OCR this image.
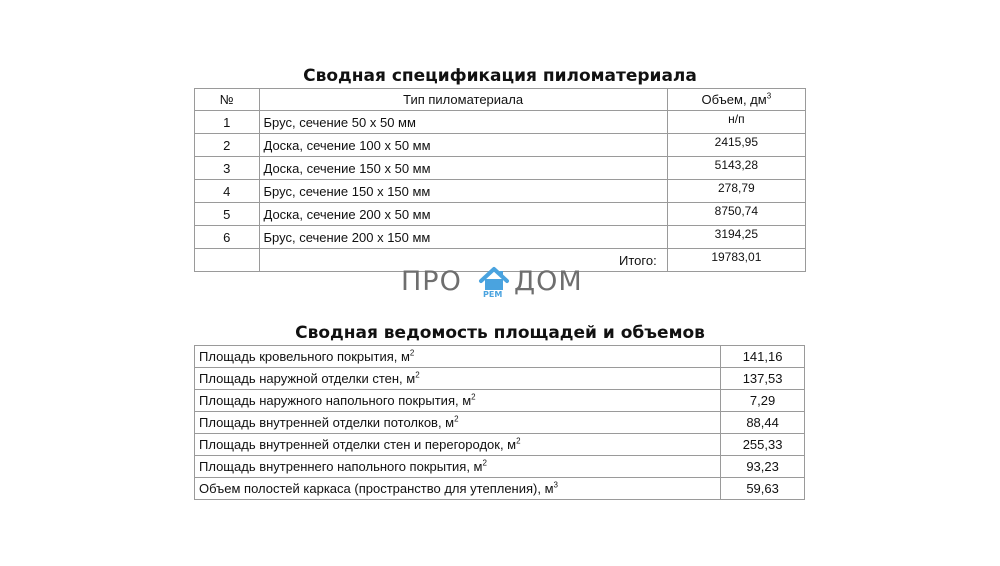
Сводная спецификация пиломатериала
№	Тип пиломатериала	Объем, $дм^3$
1	Брус, сечение 50 х 50 мм	н/п
2	Доска, сечение 100 х 50 мм	2415,95
3	Доска, сечение 150 х 50 мм	5143,28
4	Брус, сечение 150 х 150 мм	278,79
5	Доска, сечение 200 х 50 мм	8750,74
6	Брус, сечение 200 х 150 мм	3194,25
	Итого:	19783,01
ПРО	РЕМ ДОМ
Сводная ведомость площадей и объемов
Площадь кровельного покрытия, $м^2$	141,16
Площадь наружной отделки стен, $м^2$	137,53
Площадь наружного напольного покрытия, $м^2$	7,29
Площадь внутренней отделки потолков, $м^2$	88,44
Площадь внутренней отделки стен и перегородок, $м^2$	255,33
Площадь внутреннего напольного покрытия, $м^2$	93,23
Объем полостей каркаса (пространство для утепления), $м^3$	59,63
